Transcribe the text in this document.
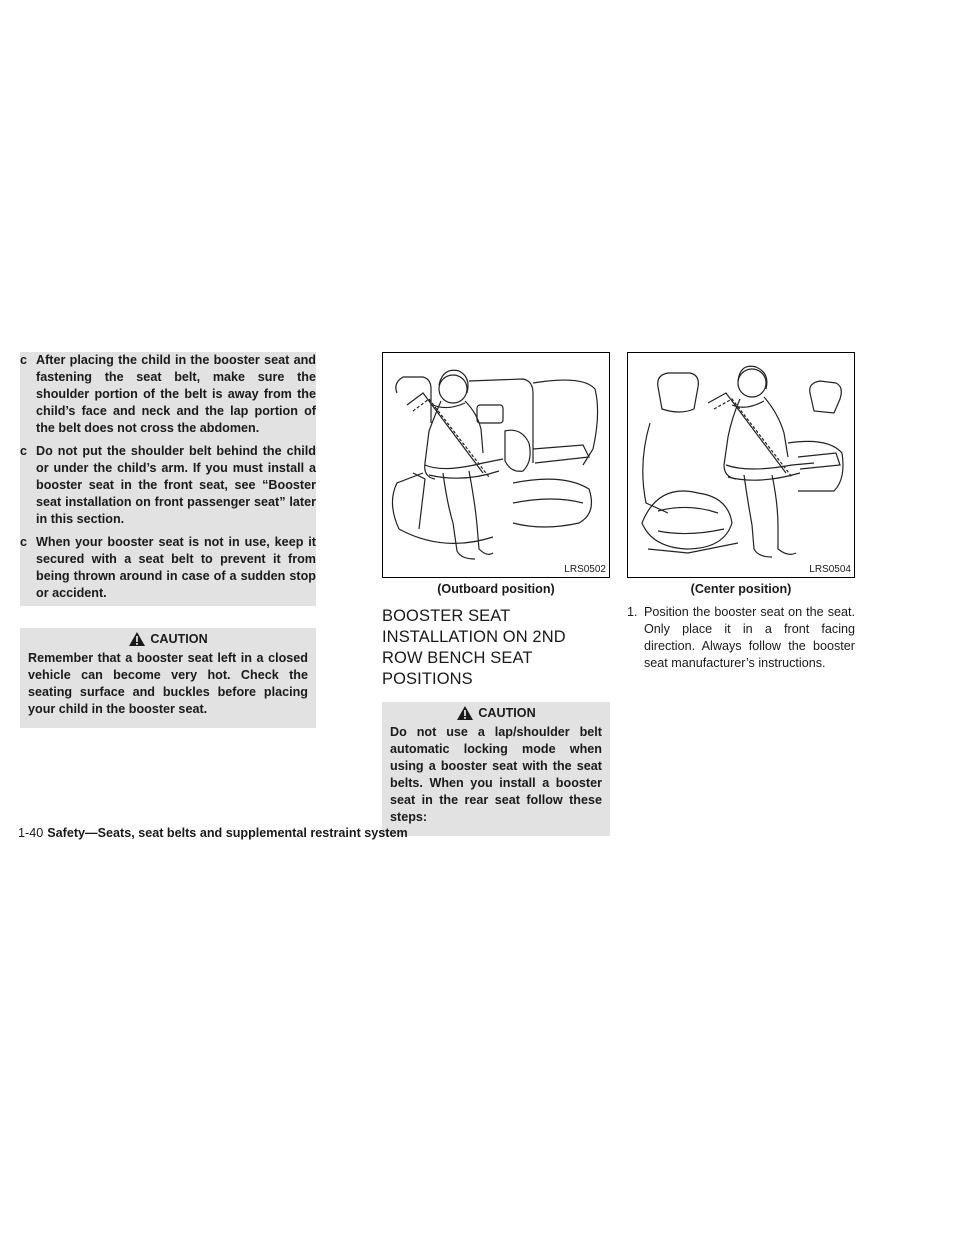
c After placing the child in the booster seat and fastening the seat belt, make sure the shoulder portion of the belt is away from the child’s face and neck and the lap portion of the belt does not cross the abdomen.
c Do not put the shoulder belt behind the child or under the child’s arm. If you must install a booster seat in the front seat, see “Booster seat installation on front passenger seat” later in this section.
c When your booster seat is not in use, keep it secured with a seat belt to prevent it from being thrown around in case of a sudden stop or accident.
CAUTION
Remember that a booster seat left in a closed vehicle can become very hot. Check the seating surface and buckles before placing your child in the booster seat.
LRS0502
(Outboard position)
BOOSTER SEAT INSTALLATION ON 2ND ROW BENCH SEAT POSITIONS
CAUTION
Do not use a lap/shoulder belt automatic locking mode when using a booster seat with the seat belts. When you install a booster seat in the rear seat follow these steps:
LRS0504
(Center position)
1. Position the booster seat on the seat. Only place it in a front facing direction. Always follow the booster seat manufacturer’s instructions.
1-40 Safety—Seats, seat belts and supplemental restraint system
